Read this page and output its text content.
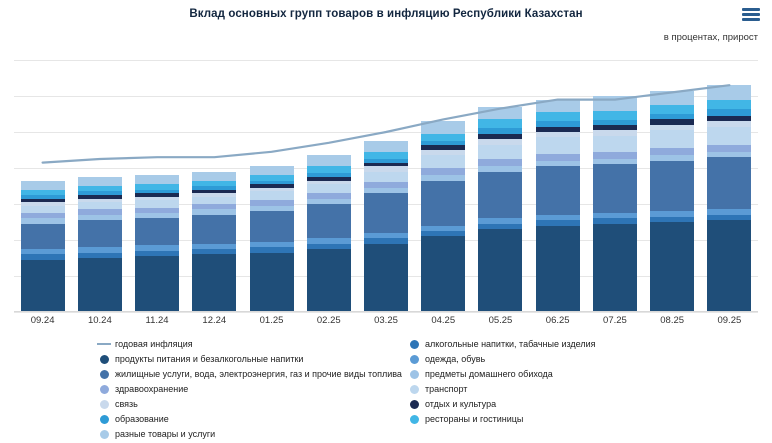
Вклад основных групп товаров в инфляцию Республики Казахстан
в процентах, прирост
09.24	10.24	11.24	12.24	01.25	02.25	03.25	04.25	05.25	06.25	07.25	08.25	09.25
годовая инфляция
продукты питания и безалкогольные напитки
жилищные услуги, вода, электроэнергия, газ и прочие виды топлива
здравоохранение
связь
образование
разные товары и услуги
алкогольные напитки, табачные изделия
одежда, обувь
предметы домашнего обихода
транспорт
отдых и культура
рестораны и гостиницы
